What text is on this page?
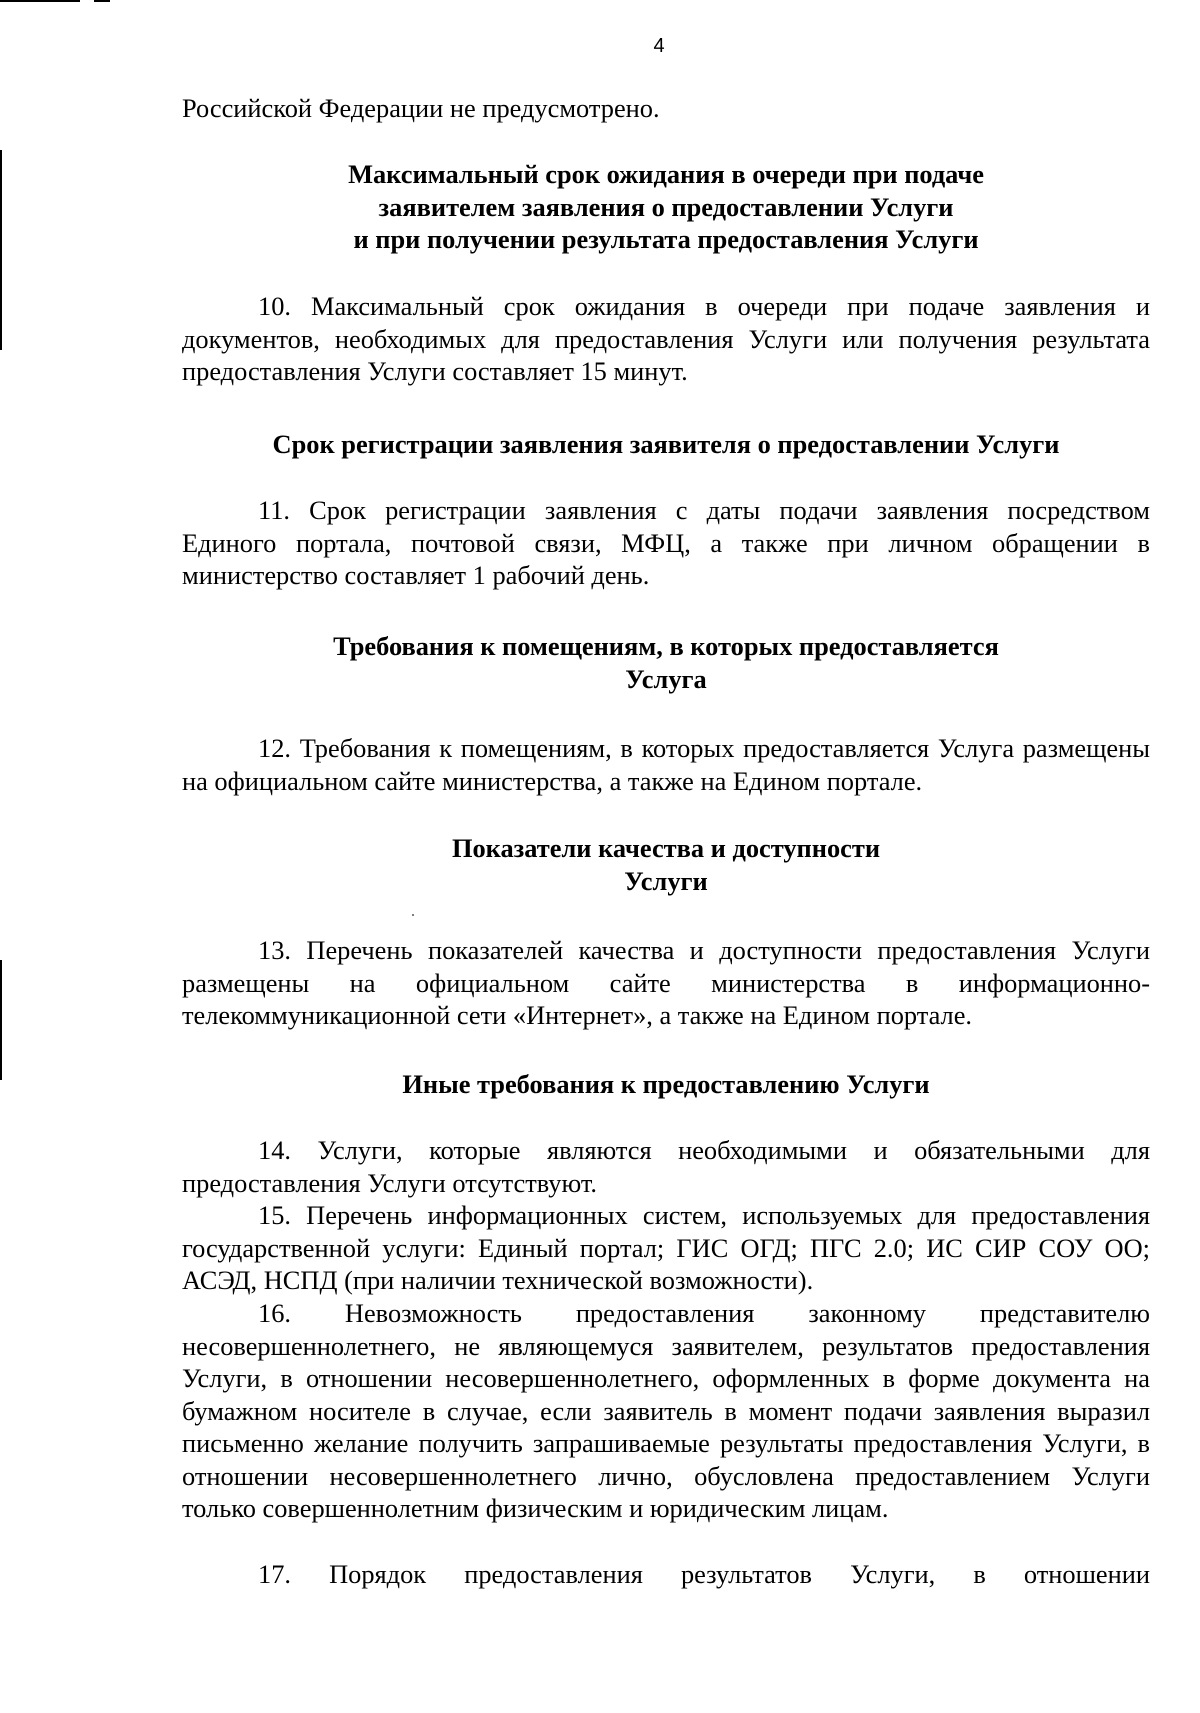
4
Российской Федерации не предусмотрено.
Максимальный срок ожидания в очереди при подаче
заявителем заявления о предоставлении Услуги
и при получении результата предоставления Услуги
10. Максимальный срок ожидания в очереди при подаче заявления и документов, необходимых для предоставления Услуги или получения результата предоставления Услуги составляет 15 минут.
Срок регистрации заявления заявителя о предоставлении Услуги
11. Срок регистрации заявления с даты подачи заявления посредством Единого портала, почтовой связи, МФЦ, а также при личном обращении в министерство составляет 1 рабочий день.
Требования к помещениям, в которых предоставляется
Услуга
12. Требования к помещениям, в которых предоставляется Услуга размещены на официальном сайте министерства, а также на Едином портале.
Показатели качества и доступности
Услуги
13. Перечень показателей качества и доступности предоставления Услуги размещены на официальном сайте министерства в информационно-телекоммуникационной сети «Интернет», а также на Едином портале.
Иные требования к предоставлению Услуги
14. Услуги, которые являются необходимыми и обязательными для предоставления Услуги отсутствуют.
15. Перечень информационных систем, используемых для предоставления государственной услуги: Единый портал; ГИС ОГД; ПГС 2.0; ИС СИР СОУ ОО; АСЭД, НСПД (при наличии технической возможности).
16. Невозможность предоставления законному представителю несовершеннолетнего, не являющемуся заявителем, результатов предоставления Услуги, в отношении несовершеннолетнего, оформленных в форме документа на бумажном носителе в случае, если заявитель в момент подачи заявления выразил письменно желание получить запрашиваемые результаты предоставления Услуги, в отношении несовершеннолетнего лично, обусловлена предоставлением Услуги только совершеннолетним физическим и юридическим лицам.
17. Порядок предоставления результатов Услуги, в отношении
